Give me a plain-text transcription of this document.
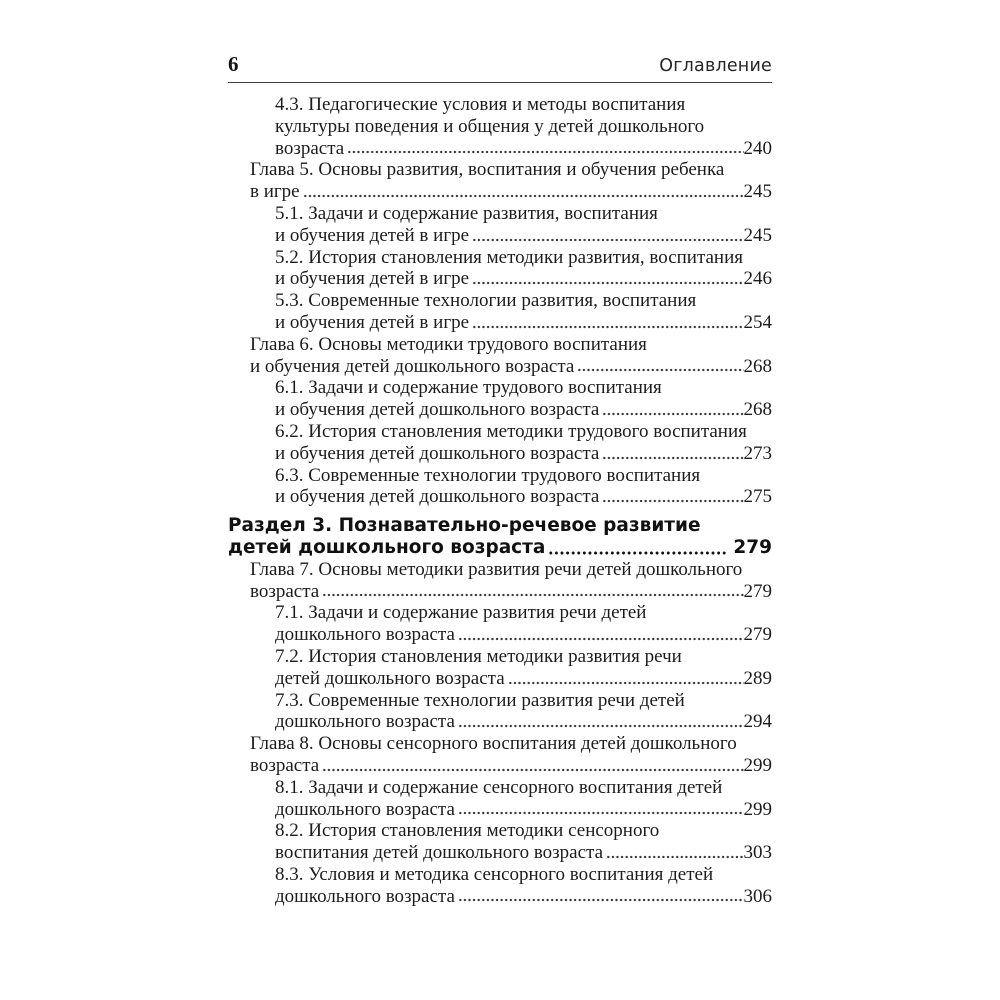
6	Оглавление
4.3. Педагогические условия и методы воспитания
культуры поведения и общения у детей дошкольного
возраста	240
Глава 5. Основы развития, воспитания и обучения ребенка
в игре	245
5.1. Задачи и содержание развития, воспитания
и обучения детей в игре	245
5.2. История становления методики развития, воспитания
и обучения детей в игре	246
5.3. Современные технологии развития, воспитания
и обучения детей в игре	254
Глава 6. Основы методики трудового воспитания
и обучения детей дошкольного возраста	268
6.1. Задачи и содержание трудового воспитания
и обучения детей дошкольного возраста	268
6.2. История становления методики трудового воспитания
и обучения детей дошкольного возраста	273
6.3. Современные технологии трудового воспитания
и обучения детей дошкольного возраста	275
Раздел 3. Познавательно-речевое развитие
детей дошкольного возраста	279
Глава 7. Основы методики развития речи детей дошкольного
возраста	279
7.1. Задачи и содержание развития речи детей
дошкольного возраста	279
7.2. История становления методики развития речи
детей дошкольного возраста	289
7.3. Современные технологии развития речи детей
дошкольного возраста	294
Глава 8. Основы сенсорного воспитания детей дошкольного
возраста	299
8.1. Задачи и содержание сенсорного воспитания детей
дошкольного возраста	299
8.2. История становления методики сенсорного
воспитания детей дошкольного возраста	303
8.3. Условия и методика сенсорного воспитания детей
дошкольного возраста	306
